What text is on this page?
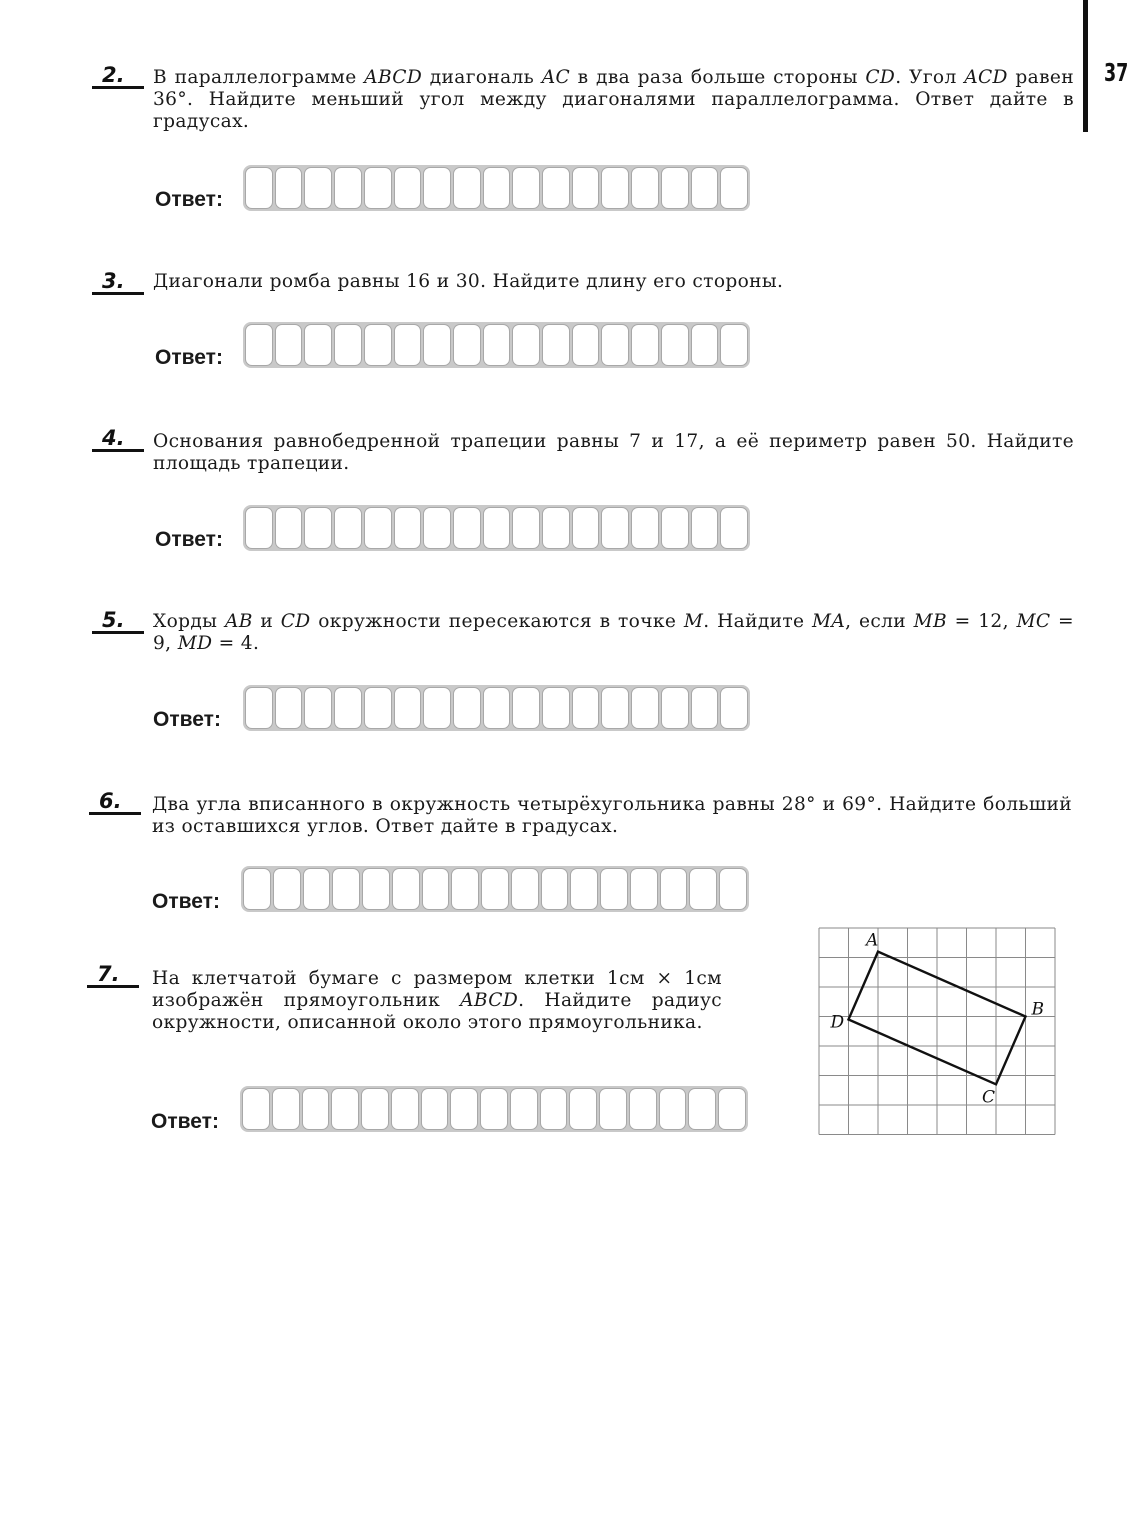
37
2.	В параллелограмме ABCD диагональ AC в два раза больше стороны CD. Угол ACD равен 36°. Найдите меньший угол между диагоналями параллелограмма. Ответ дайте в градусах.
Ответ:
3.	Диагонали ромба равны 16 и 30. Найдите длину его стороны.
Ответ:
4.	Основания равнобедренной трапеции равны 7 и 17, а её периметр равен 50. Найдите площадь трапеции.
Ответ:
5.	Хорды AB и CD окружности пересекаются в точке M. Найдите MA, если MB = 12, MC = 9, MD = 4.
Ответ:
6.	Два угла вписанного в окружность четырёхугольника равны 28° и 69°. Найдите больший из оставшихся углов. Ответ дайте в градусах.
Ответ:
7.	На клетчатой бумаге с размером клетки 1см × 1см изображён прямоугольник ABCD. Найдите радиус окружности, описанной около этого прямоугольника.
Ответ:
A
B
C
D
